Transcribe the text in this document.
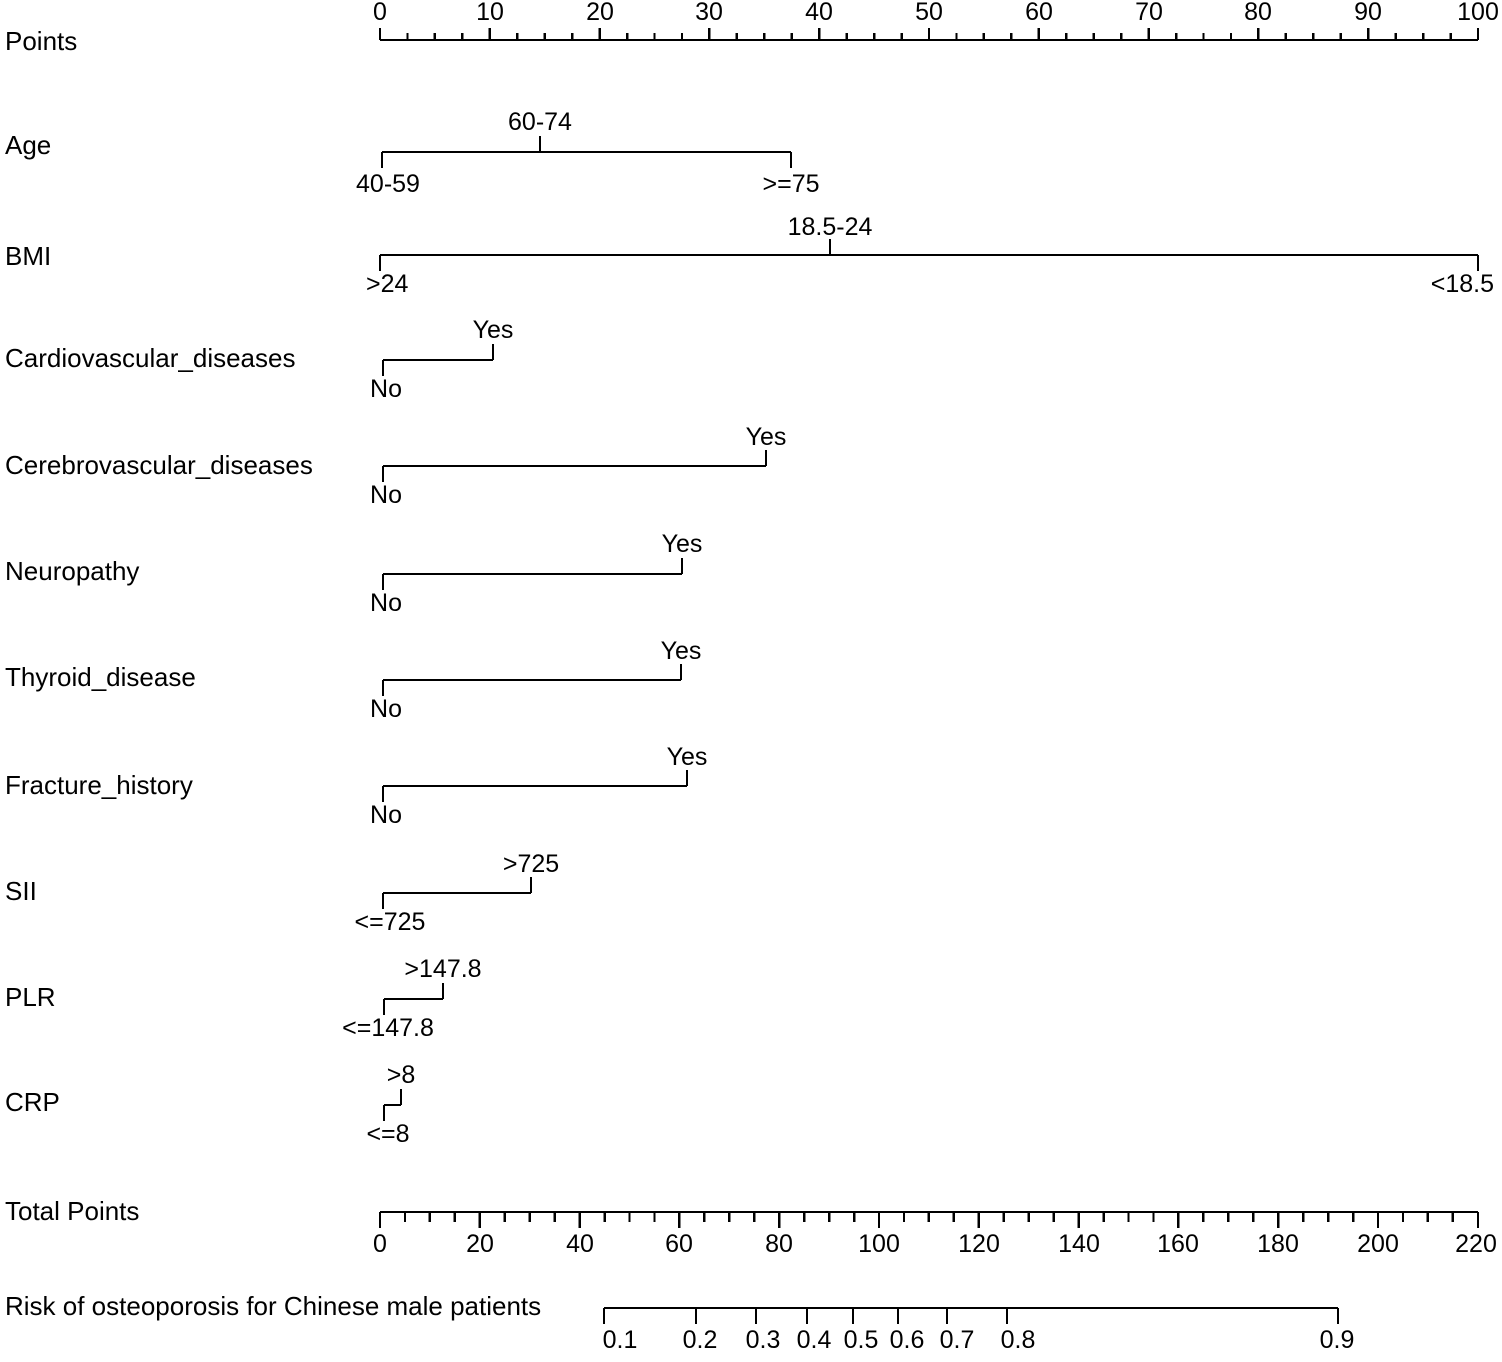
Points
Age
BMI
Cardiovascular_diseases
Cerebrovascular_diseases
Neuropathy
Thyroid_disease
Fracture_history
SII
PLR
CRP
Total Points
Risk of osteoporosis for Chinese male patients
0	10	20	30	40	50	60	70	80	90	100
60-74
40-59	>=75
18.5-24
>24	<18.5
Yes
No
Yes
No
Yes
No
Yes
No
Yes
No
>725
<=725
>147.8
<=147.8
>8
<=8
0	20	40	60	80	100 120 140 160 180 200 220
0.1 0.2 0.3 0.4 0.5 0.6 0.7 0.8	0.9
